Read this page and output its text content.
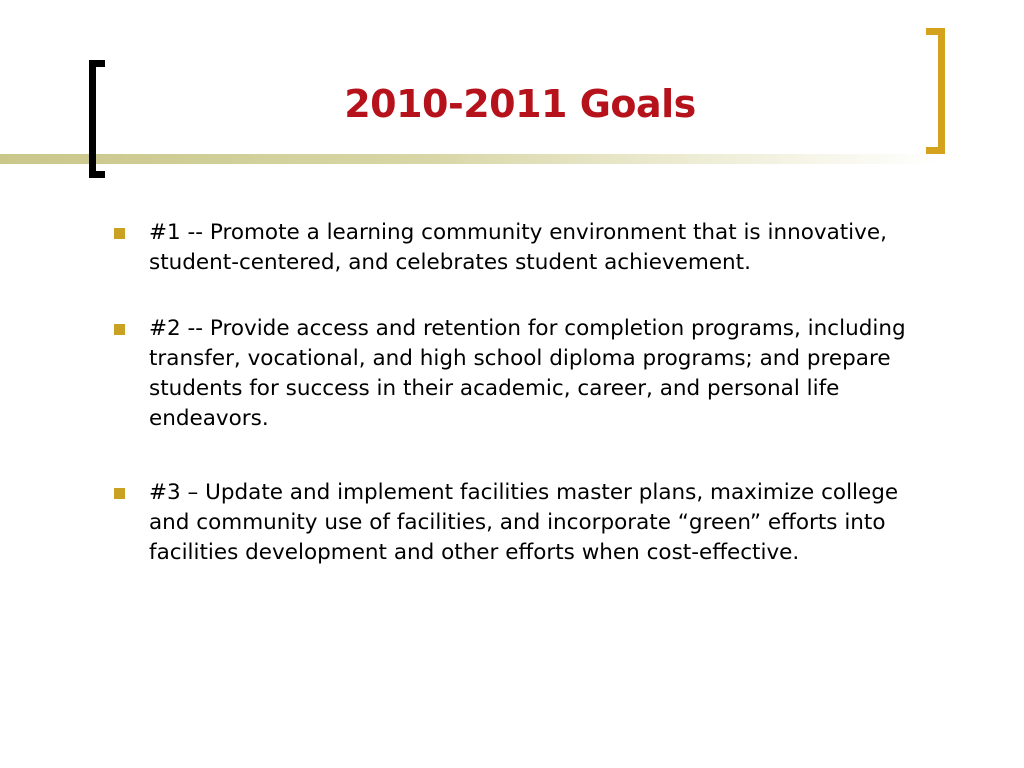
2010-2011 Goals
#1 -- Promote a learning community environment that is innovative, student-centered, and celebrates student achievement.
#2 -- Provide access and retention for completion programs, including transfer, vocational, and high school diploma programs; and prepare students for success in their academic, career, and personal life endeavors.
#3 – Update and implement facilities master plans, maximize college and community use of facilities, and incorporate “green” efforts into facilities development and other efforts when cost-effective.
